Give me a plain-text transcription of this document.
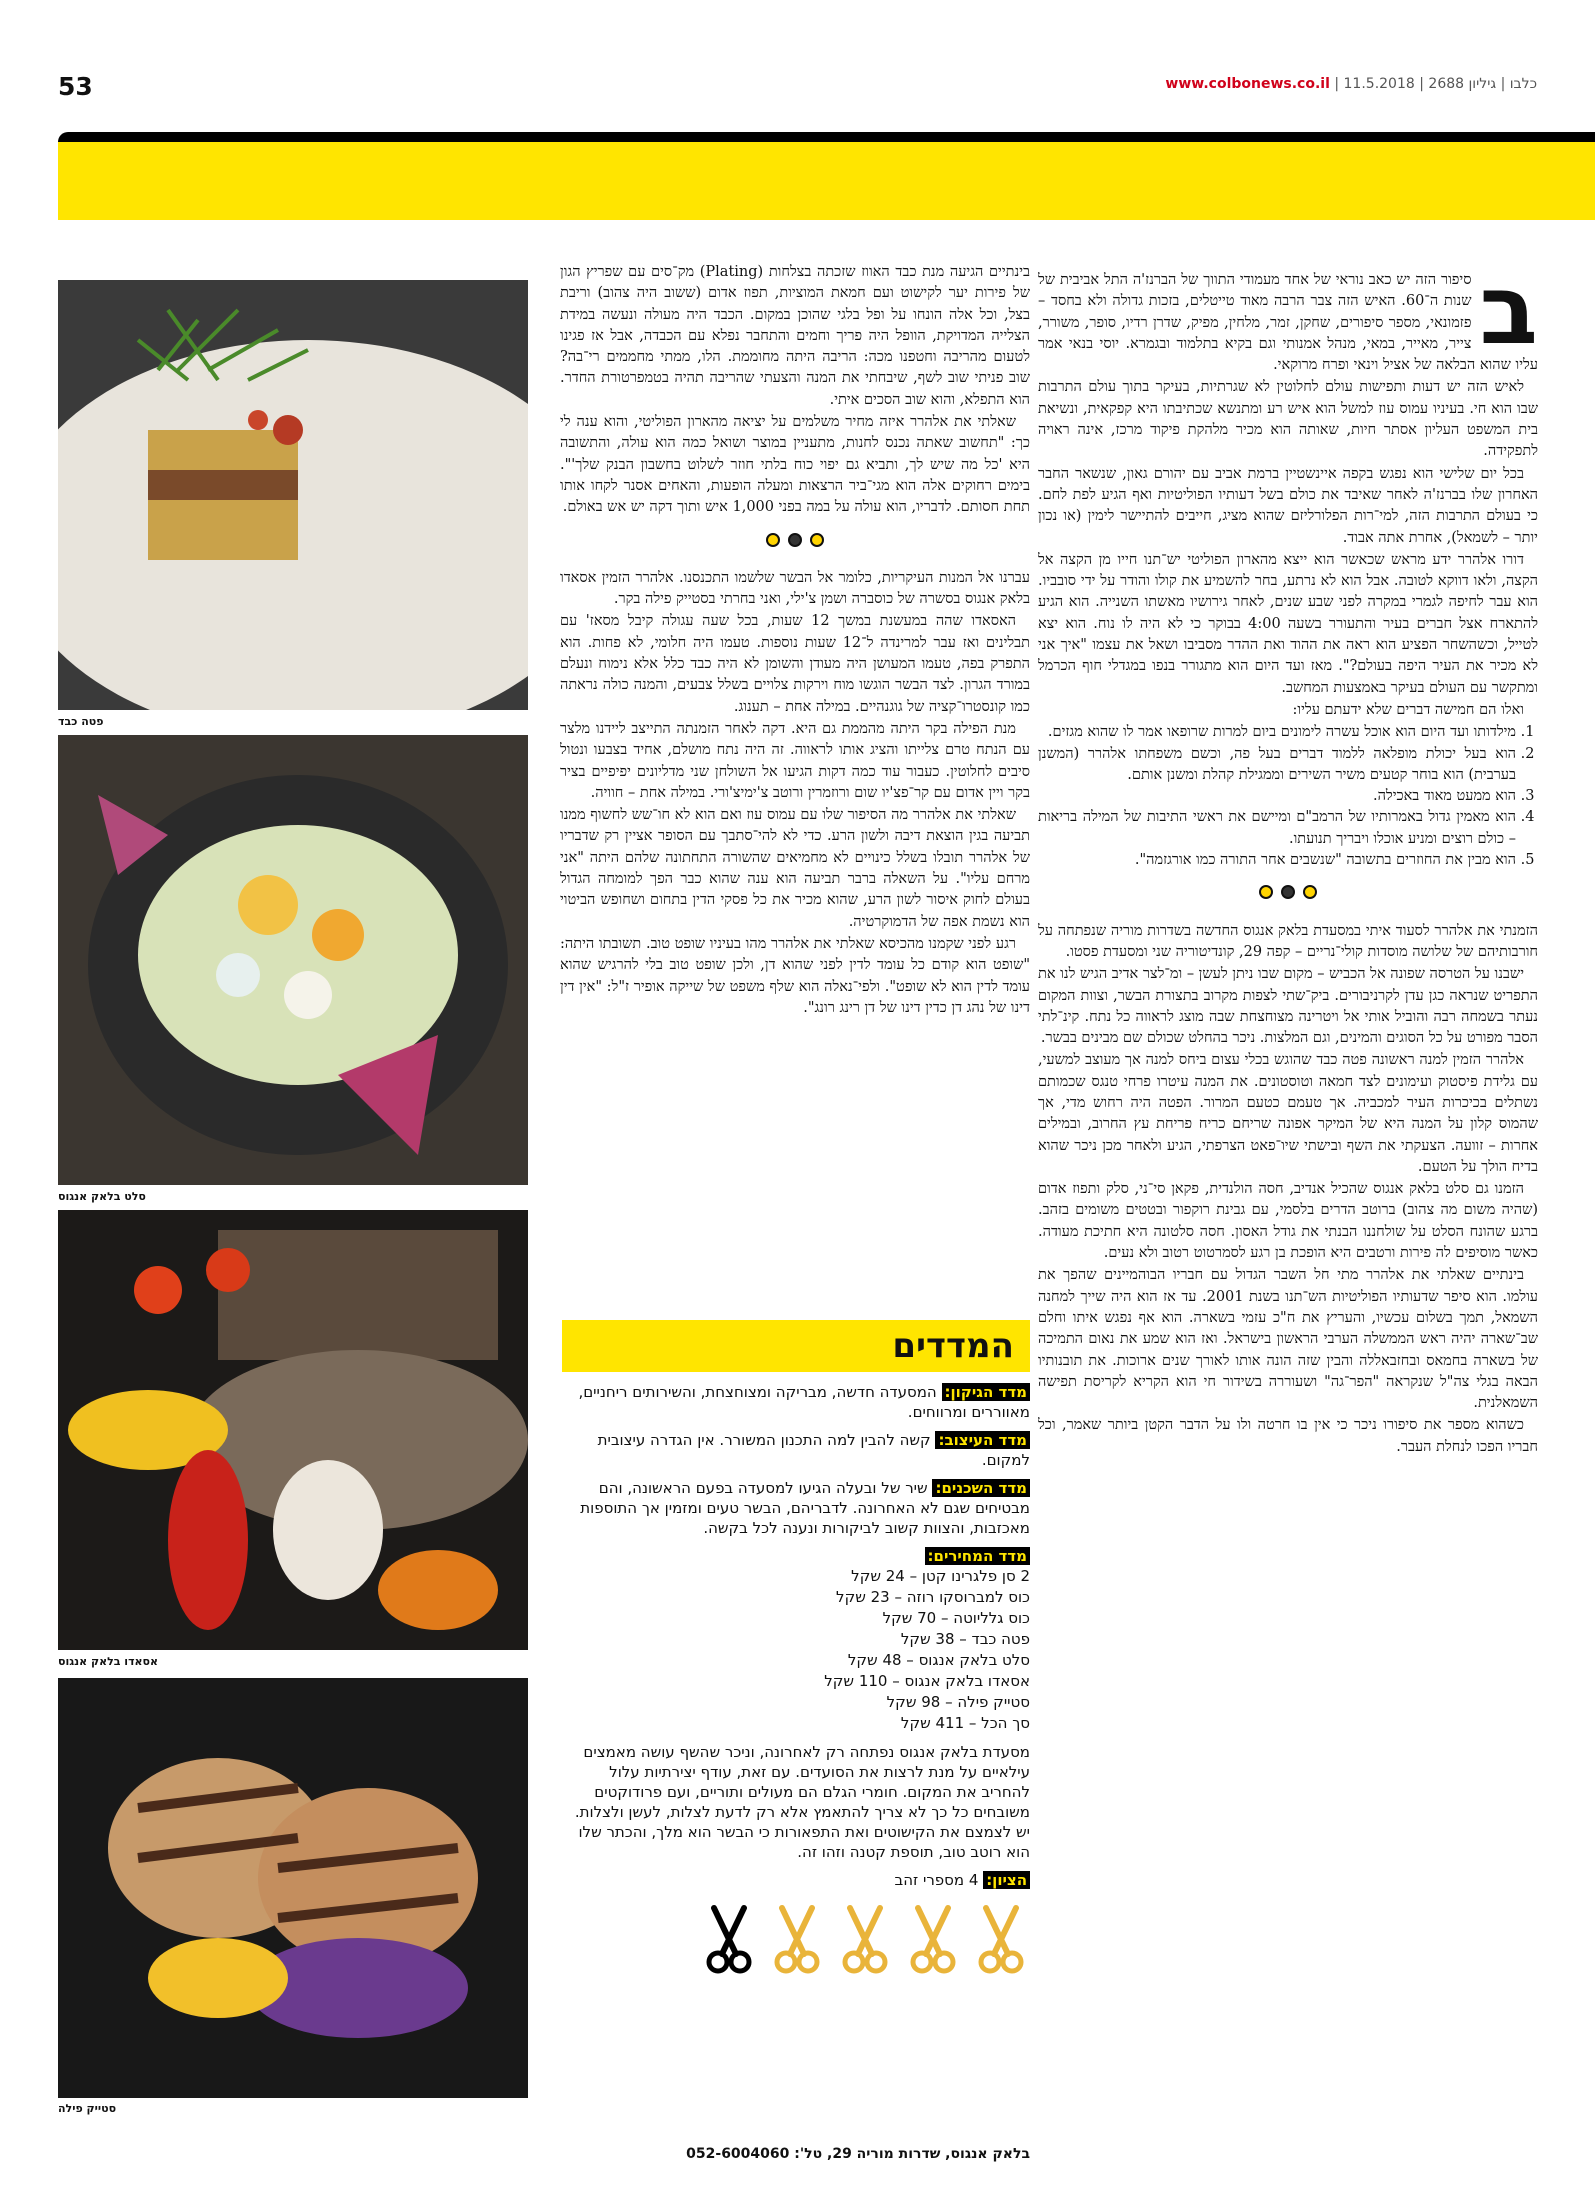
53	כלבו | גיליון 2688 | 11.5.2018 | www.colbonews.co.il
ב

סיפור הזה יש כאב נוראי של אחד מעמודי התווך של הברנז'ה התל אביבית של שנות ה־60. האיש הזה צבר הרבה מאוד טייטלים, בזכות גדולה ולא בחסד – פזמונאי, מספר סיפורים, שחקן, זמר, מלחין, מפיק, שדרן רדיו, סופר, משורר, צייר, מאייר, במאי, מנהל אמנותי וגם בקיא בתלמוד ובגמרא. יוסי בנאי אמר עליו שהוא הבלאה של אציל וינאי ופרח מרוקאי.

לאיש הזה יש דעות ותפישות עולם לחלוטין לא שגרתיות, בעיקר בתוך עולם התרבות שבו הוא חי. בעיניו עמוס עוז למשל הוא איש רע ומתנשא שכתיבתו היא קפקאית, ונשיאת בית המשפט העליון אסתר חיות, שאותה הוא מכיר מלהקת פיקוד מרכז, אינה ראויה לתפקידה.

בכל יום שלישי הוא נפגש בקפה איינשטיין ברמת אביב עם יהורם גאון, שנשאר החבר האחרון שלו בברנז'ה לאחר שאיבד את כולם בשל דעותיו הפוליטיות ואף הגיע לפת לחם. כי בעולם התרבות הזה, למי־רות הפלורליזם שהוא מציג, חייבים להתיישר לימין (או נכון יותר – לשמאל), אחרת אתה אבוד.

דורו אלהרר ידע מראש שכאשר הוא ייצא מהארון הפוליטי יש־תנו חייו מן הקצה אל הקצה, ולאו דווקא לטובה. אבל הוא לא נרתע, בחר להשמיע את קולו והודר על ידי סובביו. הוא עבר לחיפה לגמרי במקרה לפני שבע שנים, לאחר גירושיו מאשתו השנייה. הוא הגיע להתארח אצל חברים בעיר והתעורר בשעה 4:00 בבוקר כי לא היה לו נוח. הוא יצא לטייל, וכשהשחר הפציע הוא ראה את ההוד ואת ההדר מסביבו ושאל את עצמו "איך אני לא מכיר את העיר היפה בעולם?". מאז ועד היום הוא מתגורר בנפו במגדלי חוף הכרמל ומתקשר עם העולם בעיקר באמצעות המחשב.

ואלו הם חמישה דברים שלא ידעתם עליו:

1. מילדותו ועד היום הוא אוכל עשרה לימונים ביום למרות שרופאו אמר לו שהוא מגזים.
2. הוא בעל יכולת מופלאה ללמוד דברים בעל פה, וכשם משפחתו אלהרר (המשנן בערבית) הוא בוחר קטעים משיר השירים וממגילת קהלת ומשנן אותם.
3. הוא ממעט מאוד באכילה.
4. הוא מאמין גדול באמרותיו של הרמב"ם ומיישם את ראשי התיבות של המילה בריאות – כולם רוצים ומניע אוכלו ויבריך תנועתו.
5. הוא מבין את החוזרים בתשובה "שנשבים אחר התורה כמו אורגזמה".

הזמנתי את אלהרר לסעוד איתי במסעדת בלאק אנגוס החדשה בשדרות מוריה שנפתחה על חורבותיהם של שלושה מוסדות קולי־נריים – קפה 29, קונדיטוריה שני ומסעדת פסטו.

ישבנו על הטרסה שפונה אל הכביש – מקום שבו ניתן לעשן – ומ־לצר אדיב הגיש לנו את התפריט שנראה כגן עדן לקרניבורים. ביק־שתי לצפות מקרוב בתצורת הבשר, וצוות המקום נעתר בשמחה רבה והוביל אותי אל ויטרינה מצוחצחת שבה מוצג לראווה כל נתח. קינ־לתי הסבר מפורט על כל הסוגים והמינים, וגם המלצות. ניכר בהחלט שכולם שם מבינים בבשר.

אלהרר הזמין למנה ראשונה פטה כבד שהוגש בכלי עצום ביחס למנה אך מעוצב למשעי, עם גלידת פיסטוק ועימונים לצד חמאה וטוסטונים. את המנה עיטרו פרחי טנגס שכמותם נשתלים בכיכרות העיר למכביה. אך טעמם כטעם המרור. הפטה היה רחוש מדי, אך שהמוס קלון על המנה היא של המיקר אפונה שריחם כריח פריחת עץ החרוב, ובמילים אחרות – זוועה. הצעקתי את השף ובישתי שיו־פאט הצרפתי, הגיע ולאחר מכן ניכר שהוא בדיח הולך על הטעם.

הזמנו גם סלט בלאק אנגוס שהכיל אנדיב, חסה הולנדית, פקאן סי־ני, סלק ותפוז אדום (שהיה משום מה צהוב) ברוטב הדרים בלסמי, עם גבינת רוקפור ובטטים משומים בזהב. ברגע שהונח הסלט על שולחננו הבנתי את גודל האסון. חסה סלטונה היא חתיכת מעודה. כאשר מוסיפים לה פירות ורטבים היא הופכת בן רגע לסמרטוט רטוב ולא נעים.

בינתיים שאלתי את אלהרר מתי חל השבר הגדול עם חבריו הבוהמיינים שהפך את עולמו. הוא סיפר שדעותיו הפוליטיות הש־תנו בשנת 2001. עד אז הוא היה שייך למחנה השמאל, תמך בשלום עכשיו, והעריץ את ח"כ עזמי בשארה. הוא אף נפגש איתו וחלם שב־שארה יהיה ראש הממשלה הערבי הראשון בישראל. ואז הוא שמע את נאום התמיכה של בשארה בחמאס ובחזבאללה והבין שזה הונה אותו לאורך שנים ארוכות. את תובנותיו הבאה בגלי צה"ל שנקראה "הפר־גה" ושעוררה בשידור חי הוא הקריא לקריסת תפישה השמאלנית.

כשהוא מספר את סיפורו ניכר כי אין בו חרטה ולו על הדבר הקטן ביותר שאמר, וכל חבריו הפכו לנחלת העבר.

בינתיים הגיעה מנת כבד האווז שזכתה בצלחות (Plating) מק־סים עם שפריץ הגון של פירות יער לקישוט ועם חמאת המוציות, תפוז אדום (ששוב היה צהוב) וריבת בצל, וכל אלה הונחו על ופל בלגי שהוכן במקום. הכבד היה מעולה ונעשה במידת הצלייה המדויקת, הוופל היה פריך וחמים והתחבר נפלא עם הכבדה, אבל אז פגינו לטעום מהריבה וחטפנו מכה: הריבה היתה מחוממת. הלו, ממתי מחממים רי־בה? שוב פניתי שוב לשף, שיבחתי את המנה והצעתי שהריבה תהיה בטמפרטורת החדר. הוא התפלא, והוא שוב הסכים איתי.

שאלתי את אלהרר איזה מחיר משלמים על יציאה מהארון הפוליטי, והוא ענה לי כך: "תחשוב שאתה נכנס לחנות, מתעניין במוצר ושואל כמה הוא עולה, והתשובה היא 'כל מה שיש לך, ותביא גם יפוי כוח בלתי חוזר לשלוט בחשבון הבנק שלך'". בימים רחוקים אלה הוא מגי־ביר הרצאות ומעלה הופעות, והאחים אסנר לקחו אותו תחת חסותם. לדבריו, הוא עולה על במה בפני 1,000 איש ותוך דקה יש אש באולם.

עברנו אל המנות העיקריות, כלומר אל הבשר שלשמו התכנסנו. אלהרר הזמין אסאדו בלאק אנגוס בסשרה של כוסברה ושמן צ'ילי, ואני בחרתי בסטייק פילה בקר.

האסאדו שהה במעשנת במשך 12 שעות, בכל שעה עגולה קיבל מסאז' עם תבלינים ואז עבר למרינדה ל־12 שעות נוספות. טעמו היה חלומי, לא פחות. הוא התפרק בפה, טעמו המעושן היה מעודן והשומן לא היה כבד כלל אלא נימוח ונעלם במורד הגרון. לצד הבשר הוגשו מוח וירקות צלויים בשלל צבעים, והמנה כולה נראתה כמו קונסטרו־קציה של גוגנהיים. במילה אחת – תענוג.

מנת הפילה בקר היתה מהממת גם היא. דקה לאחר הזמנתה התייצב ליידנו מלצר עם הנתח טרם צלייתו והציג אותו לראווה. זה היה נתח מושלם, אחיד בצבעו ונטול סיבים לחלוטין. כעבור עוד כמה דקות הגיעו אל השולחן שני מדליונים יפיפיים בציר בקר ויין אדום עם קר־פצ'יו שום ורוזמרין ורוטב צ'ימיצ'ורי. במילה אחת – חוויה.

שאלתי את אלהרר מה הסיפור שלו עם עמוס עוז ואם הוא לא חו־שש לחשוף ממנו תביעה בגין הוצאת דיבה ולשון הרע. כדי לא להי־סתבך עם הסופר אציין רק שדבריו של אלהרר תובלו בשלל כינויים לא מחמיאים שהשורה התחתונה שלהם היתה "אני מרחם עליו". על השאלה ברבר תביעה הוא ענה שהוא כבר הפך למומחה הגדול בעולם לחוק איסור לשון הרע, שהוא מכיר את כל פסקי הדין בתחום ושחופש הביטוי הוא נשמת אפה של הדמוקרטיה.

רגע לפני שקמנו מהכיסא שאלתי את אלהרר מהו בעיניו שופט טוב. תשובתו היתה: "שופט הוא קודם כל עומד לדין לפני שהוא דן, ולכן שופט טוב בלי להרגיש שהוא עומד לדין הוא לא שופט". ולפי־נאלה הוא שלף משפט של שייקה אופיר ז"ל: "אין דין דינו של נהג דן כדין דינו של דן רינג רונג".

המדדים
מדד הגיקון: המסעדה חדשה, מבריקה ומצוחצחת, והשירותים ריחניים, מאווררים ומרווחים.
מדד העיצוב: קשה להבין למה התכנון המשורר. אין הגדרה עיצובית למקום.
מדד השכנים: שיר של ובעלה הגיעו למסעדה בפעם הראשונה, והם מבטיחים שגם לא האחרונה. לדבריהם, הבשר טעים ומזמין אך התוספות מאכזבות, והצוות קשוב לביקורות ונענה לכל בקשה.
מדד המחירים:
2 סן פלגרינו קטן – 24 שקל
כוס למברוסקו רוזה – 23 שקל
כוס גלליוטה – 70 שקל
פטה כבד – 38 שקל
סלט בלאק אנגוס – 48 שקל
אסאדו בלאק אנגוס – 110 שקל
סטייק פילה – 98 שקל
סך הכל – 411 שקל
מסעדת בלאק אנגוס נפתחה רק לאחרונה, וניכר שהשף עושה מאמצים עילאיים על מנת לרצות את הסועדים. עם זאת, עודף יצירתיות עלול להחריב את המקום. חומרי הגלם הם מעולים ותוריים, ועם פרודוקטים משובחים כל כך לא צריך להתאמץ אלא רק לדעת לצלות, לעשן ולצלות. יש לצמצם את הקישוטים ואת התפאורות כי הבשר הוא מלך, והכתר שלו הוא רוטב טוב, תוספת קטנה וזהו זה.
הציון: 4 מספרי זהב
בלאק אנגוס, שדרות מוריה 29, טל': 052-6004060
פטה כבד
סלט בלאק אנגוס
אסאדו בלאק אנגוס
סטייק פילה
